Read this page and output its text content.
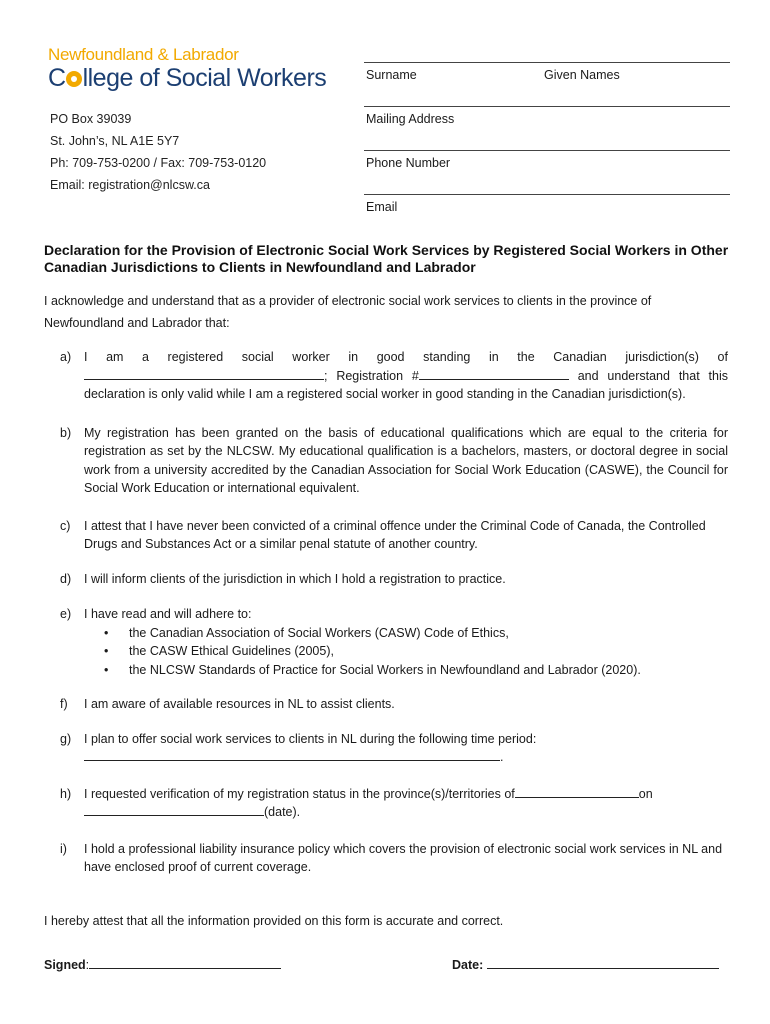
Newfoundland & Labrador
C llege of Social Workers
PO Box 39039
St. John’s, NL A1E 5Y7
Ph: 709-753-0200 / Fax: 709-753-0120
Email: registration@nlcsw.ca
Surname	Given Names
Mailing Address
Phone Number
Email
Declaration for the Provision of Electronic Social Work Services by Registered Social Workers in Other Canadian Jurisdictions to Clients in Newfoundland and Labrador
I acknowledge and understand that as a provider of electronic social work services to clients in the province of Newfoundland and Labrador that:
a) I am a registered social worker in good standing in the Canadian jurisdiction(s) of
; Registration #	and understand that this declaration is only valid while I am a registered social worker in good standing in the Canadian jurisdiction(s).
b) My registration has been granted on the basis of educational qualifications which are equal to the criteria for registration as set by the NLCSW. My educational qualification is a bachelors, masters, or doctoral degree in social work from a university accredited by the Canadian Association for Social Work Education (CASWE), the Council for Social Work Education or international equivalent.
c) I attest that I have never been convicted of a criminal offence under the Criminal Code of Canada, the Controlled Drugs and Substances Act or a similar penal statute of another country.
d) I will inform clients of the jurisdiction in which I hold a registration to practice.
e) I have read and will adhere to:
• the Canadian Association of Social Workers (CASW) Code of Ethics,
• the CASW Ethical Guidelines (2005),
• the NLCSW Standards of Practice for Social Workers in Newfoundland and Labrador (2020).
f) I am aware of available resources in NL to assist clients.
g) I plan to offer social work services to clients in NL during the following time period:
.
h) I requested verification of my registration status in the province(s)/territories of	on
(date).
i) I hold a professional liability insurance policy which covers the provision of electronic social work services in NL and have enclosed proof of current coverage.
I hereby attest that all the information provided on this form is accurate and correct.
Signed:	Date:
